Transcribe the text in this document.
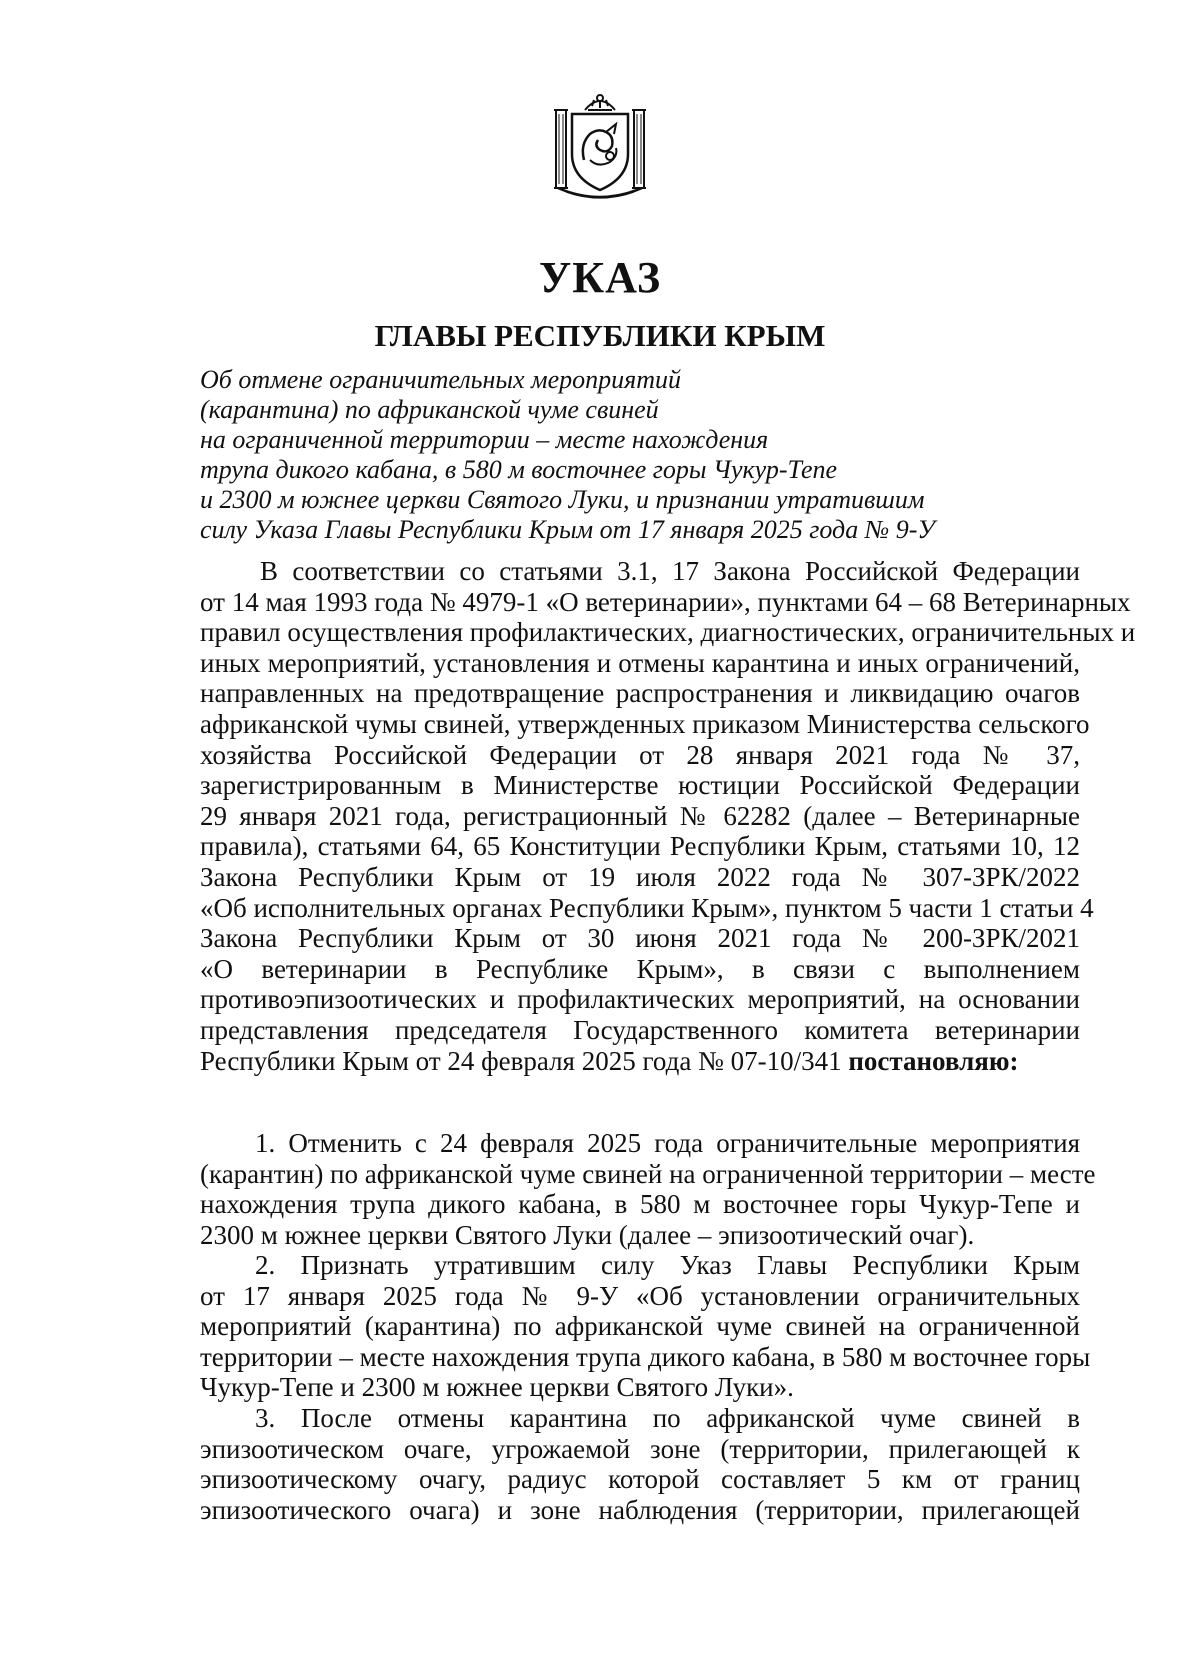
УКАЗ
ГЛАВЫ РЕСПУБЛИКИ КРЫМ
Об отмене ограничительных мероприятий
(карантина) по африканской чуме свиней
на ограниченной территории – месте нахождения
трупа дикого кабана, в 580 м восточнее горы Чукур-Тепе
и 2300 м южнее церкви Святого Луки, и признании утратившим
силу Указа Главы Республики Крым от 17 января 2025 года № 9-У
В соответствии со статьями 3.1, 17 Закона Российской Федерации
от 14 мая 1993 года № 4979-1 «О ветеринарии», пунктами 64 – 68 Ветеринарных
правил осуществления профилактических, диагностических, ограничительных и
иных мероприятий, установления и отмены карантина и иных ограничений,
направленных на предотвращение распространения и ликвидацию очагов
африканской чумы свиней, утвержденных приказом Министерства сельского
хозяйства Российской Федерации от 28 января 2021 года № 37,
зарегистрированным в Министерстве юстиции Российской Федерации
29 января 2021 года, регистрационный № 62282 (далее – Ветеринарные
правила), статьями 64, 65 Конституции Республики Крым, статьями 10, 12
Закона Республики Крым от 19 июля 2022 года № 307-ЗРК/2022
«Об исполнительных органах Республики Крым», пунктом 5 части 1 статьи 4
Закона Республики Крым от 30 июня 2021 года № 200-ЗРК/2021
«О ветеринарии в Республике Крым», в связи с выполнением
противоэпизоотических и профилактических мероприятий, на основании
представления председателя Государственного комитета ветеринарии
Республики Крым от 24 февраля 2025 года № 07-10/341 постановляю:
1. Отменить с 24 февраля 2025 года ограничительные мероприятия
(карантин) по африканской чуме свиней на ограниченной территории – месте
нахождения трупа дикого кабана, в 580 м восточнее горы Чукур-Тепе и
2300 м южнее церкви Святого Луки (далее – эпизоотический очаг).
2. Признать утратившим силу Указ Главы Республики Крым
от 17 января 2025 года № 9-У «Об установлении ограничительных
мероприятий (карантина) по африканской чуме свиней на ограниченной
территории – месте нахождения трупа дикого кабана, в 580 м восточнее горы
Чукур-Тепе и 2300 м южнее церкви Святого Луки».
3. После отмены карантина по африканской чуме свиней в
эпизоотическом очаге, угрожаемой зоне (территории, прилегающей к
эпизоотическому очагу, радиус которой составляет 5 км от границ
эпизоотического очага) и зоне наблюдения (территории, прилегающей
